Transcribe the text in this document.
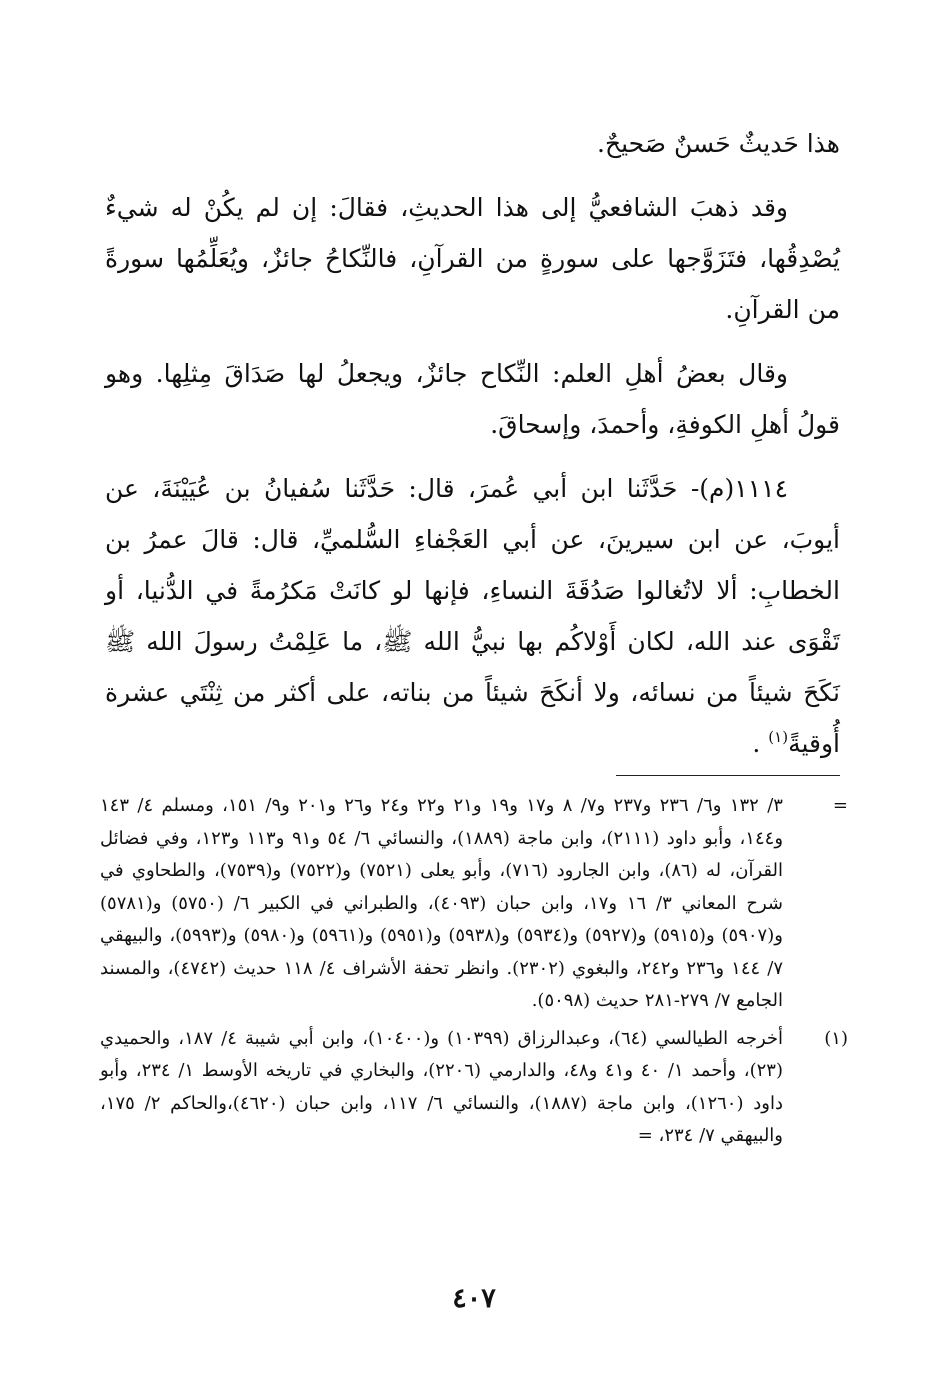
هذا حَديثٌ حَسنٌ صَحيحٌ.

وقد ذهبَ الشافعيُّ إلى هذا الحديثِ، فقالَ: إن لم يكُنْ له شيءٌ يُصْدِقُها، فتَزَوَّجها على سورةٍ من القرآنِ، فالنِّكاحُ جائزٌ، ويُعَلِّمُها سورةً من القرآنِ.

وقال بعضُ أهلِ العلم: النِّكاح جائزٌ، ويجعلُ لها صَدَاقَ مِثلِها. وهو قولُ أهلِ الكوفةِ، وأحمدَ، وإسحاقَ.

١١١٤(م)- حَدَّثَنا ابن أبي عُمرَ، قال: حَدَّثَنا سُفيانُ بن عُيَيْنَةَ، عن أيوبَ، عن ابن سيرينَ، عن أبي العَجْفاءِ السُّلميِّ، قال: قالَ عمرُ بن الخطابِ: ألا لاتُغالوا صَدُقَةَ النساءِ، فإنها لو كانَتْ مَكرُمةً في الدُّنيا، أو تَقْوَى عند الله، لكان أَوْلاكُم بها نبيُّ الله ﷺ، ما عَلِمْتُ رسولَ الله ﷺ نَكَحَ شيئاً من نسائه، ولا أنكَحَ شيئاً من بناته، على أكثر من ثِنْتَي عشرة أُوقيةً$^{(١)}$ .

=
٣/ ١٣٢ و٦/ ٢٣٦ و٢٣٧ و٧/ ٨ و١٧ و١٩ و٢١ و٢٢ و٢٤ و٢٦ و٢٠١ و٩/ ١٥١، ومسلم ٤/ ١٤٣ و١٤٤، وأبو داود (٢١١١)، وابن ماجة (١٨٨٩)، والنسائي ٦/ ٥٤ و٩١ و١١٣ و١٢٣، وفي فضائل القرآن، له (٨٦)، وابن الجارود (٧١٦)، وأبو يعلى (٧٥٢١) و(٧٥٢٢) و(٧٥٣٩)، والطحاوي في شرح المعاني ٣/ ١٦ و١٧، وابن حبان (٤٠٩٣)، والطبراني في الكبير ٦/ (٥٧٥٠) و(٥٧٨١) و(٥٩٠٧) و(٥٩١٥) و(٥٩٢٧) و(٥٩٣٤) و(٥٩٣٨) و(٥٩٥١) و(٥٩٦١) و(٥٩٨٠) و(٥٩٩٣)، والبيهقي ٧/ ١٤٤ و٢٣٦ و٢٤٢، والبغوي (٢٣٠٢). وانظر تحفة الأشراف ٤/ ١١٨ حديث (٤٧٤٢)، والمسند الجامع ٧/ ٢٧٩-٢٨١ حديث (٥٠٩٨).
(١)
أخرجه الطيالسي (٦٤)، وعبدالرزاق (١٠٣٩٩) و(١٠٤٠٠)، وابن أبي شيبة ٤/ ١٨٧، والحميدي (٢٣)، وأحمد ١/ ٤٠ و٤١ و٤٨، والدارمي (٢٢٠٦)، والبخاري في تاريخه الأوسط ١/ ٢٣٤، وأبو داود (١٢٦٠)، وابن ماجة (١٨٨٧)، والنسائي ٦/ ١١٧، وابن حبان (٤٦٢٠)،والحاكم ٢/ ١٧٥، والبيهقي ٧/ ٢٣٤، =
٤٠٧
